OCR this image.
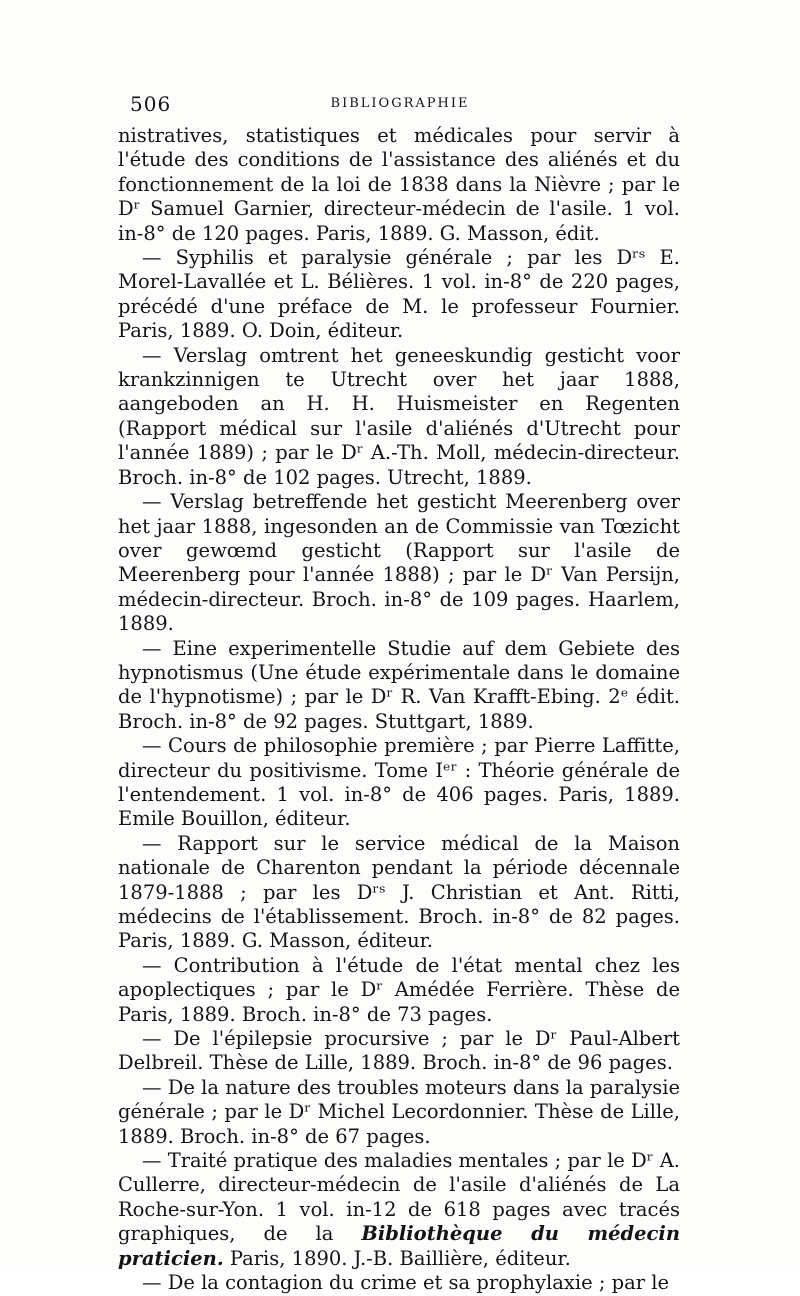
506	BIBLIOGRAPHIE

nistratives, statistiques et médicales pour servir à l'étude des conditions de l'assistance des aliénés et du fonctionnement de la loi de 1838 dans la Nièvre ; par le Dʳ Samuel Garnier, directeur-médecin de l'asile. 1 vol. in-8° de 120 pages. Paris, 1889. G. Masson, édit.

— Syphilis et paralysie générale ; par les Dʳˢ E. Morel-Lavallée et L. Bélières. 1 vol. in-8° de 220 pages, précédé d'une préface de M. le professeur Fournier. Paris, 1889. O. Doin, éditeur.

— Verslag omtrent het geneeskundig gesticht voor krankzinnigen te Utrecht over het jaar 1888, aangeboden an H. H. Huismeister en Regenten (Rapport médical sur l'asile d'aliénés d'Utrecht pour l'année 1889) ; par le Dʳ A.-Th. Moll, médecin-directeur. Broch. in-8° de 102 pages. Utrecht, 1889.

— Verslag betreffende het gesticht Meerenberg over het jaar 1888, ingesonden an de Commissie van Tœzicht over gewœmd gesticht (Rapport sur l'asile de Meerenberg pour l'année 1888) ; par le Dʳ Van Persijn, médecin-directeur. Broch. in-8° de 109 pages. Haarlem, 1889.

— Eine experimentelle Studie auf dem Gebiete des hypnotismus (Une étude expérimentale dans le domaine de l'hypnotisme) ; par le Dʳ R. Van Krafft-Ebing. 2ᵉ édit. Broch. in-8° de 92 pages. Stuttgart, 1889.

— Cours de philosophie première ; par Pierre Laffitte, directeur du positivisme. Tome Iᵉʳ : Théorie générale de l'entendement. 1 vol. in-8° de 406 pages. Paris, 1889. Emile Bouillon, éditeur.

— Rapport sur le service médical de la Maison nationale de Charenton pendant la période décennale 1879-1888 ; par les Dʳˢ J. Christian et Ant. Ritti, médecins de l'établissement. Broch. in-8° de 82 pages. Paris, 1889. G. Masson, éditeur.

— Contribution à l'étude de l'état mental chez les apoplectiques ; par le Dʳ Amédée Ferrière. Thèse de Paris, 1889. Broch. in-8° de 73 pages.

— De l'épilepsie procursive ; par le Dʳ Paul-Albert Delbreil. Thèse de Lille, 1889. Broch. in-8° de 96 pages.

— De la nature des troubles moteurs dans la paralysie générale ; par le Dʳ Michel Lecordonnier. Thèse de Lille, 1889. Broch. in-8° de 67 pages.

— Traité pratique des maladies mentales ; par le Dʳ A. Cullerre, directeur-médecin de l'asile d'aliénés de La Roche-sur-Yon. 1 vol. in-12 de 618 pages avec tracés graphiques, de la Bibliothèque du médecin praticien. Paris, 1890. J.-B. Baillière, éditeur.

— De la contagion du crime et sa prophylaxie ; par le
